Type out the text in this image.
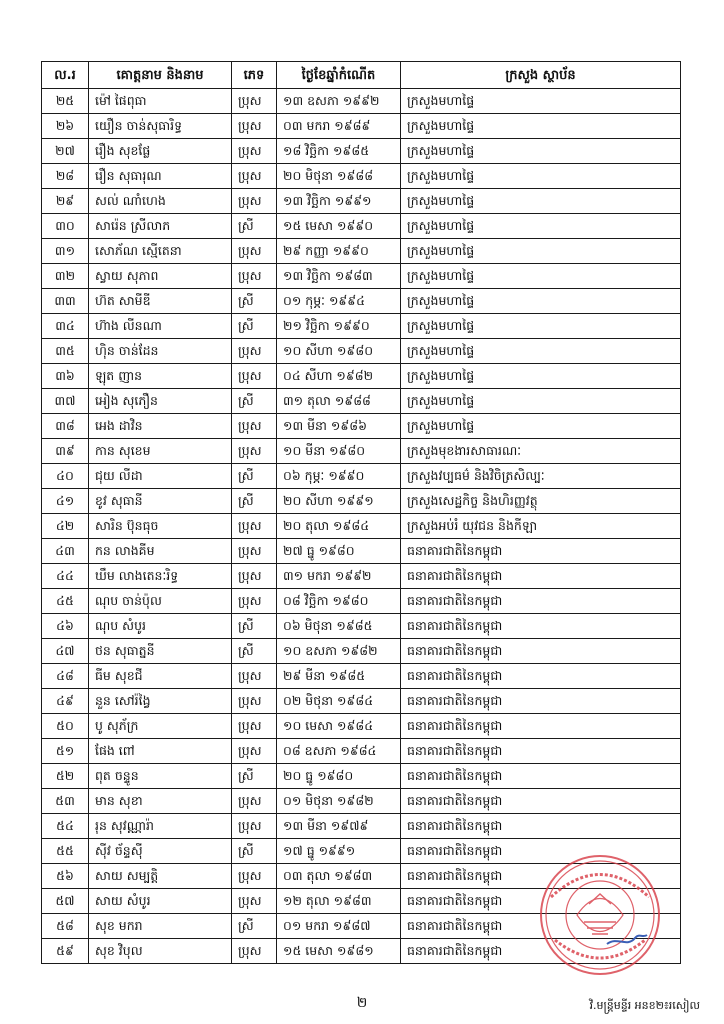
ល.រ	គោត្តនាម និងនាម	ភេទ	ថ្ងៃខែឆ្នាំកំណើត	ក្រសួង ស្ថាប័ន
២៥	ម៉ៅ ផៃពុធា	ប្រុស	១៣ ឧសភា ១៩៩២	ក្រសួងមហាផ្ទៃ
២៦	យឿន ចាន់សុធារិទ្ធ	ប្រុស	០៣ មករា ១៩៨៩	ក្រសួងមហាផ្ទៃ
២៧	រឿង សុខផ្លែ	ប្រុស	១៨ វិច្ឆិកា ១៩៨៥	ក្រសួងមហាផ្ទៃ
២៨	រឿន សុធារុណ	ប្រុស	២០ មិថុនា ១៩៨៨	ក្រសួងមហាផ្ទៃ
២៩	សល់ ណាំហេង	ប្រុស	១៣ វិច្ឆិកា ១៩៩១	ក្រសួងមហាផ្ទៃ
៣០	សារ៉េន ស្រីលាភ	ស្រី	១៥ មេសា ១៩៩០	ក្រសួងមហាផ្ទៃ
៣១	សោភ័ណ ស្មើតេនា	ប្រុស	២៩ កញ្ញា ១៩៩០	ក្រសួងមហាផ្ទៃ
៣២	ស្វាយ សុភាព	ប្រុស	១៣ វិច្ឆិកា ១៩៨៣	ក្រសួងមហាផ្ទៃ
៣៣	ហ៊ត សាមីឌី	ស្រី	០១ កុម្ភៈ ១៩៩៤	ក្រសួងមហាផ្ទៃ
៣៤	ហ៊ាង លីនណា	ស្រី	២១ វិច្ឆិកា ១៩៩០	ក្រសួងមហាផ្ទៃ
៣៥	ហ៊ិន ចាន់ដែន	ប្រុស	១០ សីហា ១៩៨០	ក្រសួងមហាផ្ទៃ
៣៦	ឡុត ញាន	ប្រុស	០៤ សីហា ១៩៨២	ក្រសួងមហាផ្ទៃ
៣៧	អៀង សុភឿន	ស្រី	៣១ តុលា ១៩៨៨	ក្រសួងមហាផ្ទៃ
៣៨	អេង ដាវិន	ប្រុស	១៣ មីនា ១៩៨៦	ក្រសួងមហាផ្ទៃ
៣៩	កាន សុខេម	ប្រុស	១០ មីនា ១៩៨០	ក្រសួងមុខងារសាធារណៈ
៤០	ជុយ លីដា	ស្រី	០៦ កុម្ភៈ ១៩៩០	ក្រសួងវប្បធម៌ និងវិចិត្រសិល្បៈ
៤១	ខូវ សុធានី	ស្រី	២០ សីហា ១៩៩១	ក្រសួងសេដ្ឋកិច្ច និងហិរញ្ញវត្ថុ
៤២	សារិន ប៊ុនធុច	ប្រុស	២០ តុលា ១៩៨៤	ក្រសួងអប់រំ យុវជន និងកីឡា
៤៣	កន លាងគីម	ប្រុស	២៧ ធ្នូ ១៩៨០	ធនាគារជាតិនៃកម្ពុជា
៤៤	ឃឹម លាងតេនៈរិទ្ធ	ប្រុស	៣១ មករា ១៩៩២	ធនាគារជាតិនៃកម្ពុជា
៤៥	ណុប ចាន់ប៉ុល	ប្រុស	០៨ វិច្ឆិកា ១៩៨០	ធនាគារជាតិនៃកម្ពុជា
៤៦	ណុប សំបូរ	ស្រី	០៦ មិថុនា ១៩៨៥	ធនាគារជាតិនៃកម្ពុជា
៤៧	ថន សុធាត្ននី	ស្រី	១០ ឧសភា ១៩៨២	ធនាគារជាតិនៃកម្ពុជា
៤៨	ធីម សុខជី	ប្រុស	២៩ មីនា ១៩៨៥	ធនាគារជាតិនៃកម្ពុជា
៤៩	នួន សៅរ៉ង្វៃ	ប្រុស	០២ មិថុនា ១៩៨៤	ធនាគារជាតិនៃកម្ពុជា
៥០	បូ សុភ័ក្រ	ប្រុស	១០ មេសា ១៩៨៤	ធនាគារជាតិនៃកម្ពុជា
៥១	ផែង ពៅ	ប្រុស	០៨ ឧសភា ១៩៨៤	ធនាគារជាតិនៃកម្ពុជា
៥២	ពុត ចន្ទូន	ស្រី	២០ ធ្នូ ១៩៨០	ធនាគារជាតិនៃកម្ពុជា
៥៣	មាន សុខា	ប្រុស	០១ មិថុនា ១៩៨២	ធនាគារជាតិនៃកម្ពុជា
៥៤	រុន សុវណ្ណារ៉ា	ប្រុស	១៣ មីនា ១៩៧៩	ធនាគារជាតិនៃកម្ពុជា
៥៥	ស៊ីវ ច័ន្ទស៊ី	ស្រី	១៧ ធ្នូ ១៩៩១	ធនាគារជាតិនៃកម្ពុជា
៥៦	សាយ សម្បត្តិ	ប្រុស	០៣ តុលា ១៩៨៣	ធនាគារជាតិនៃកម្ពុជា
៥៧	សាយ សំបូរ	ប្រុស	១២ តុលា ១៩៨៣	ធនាគារជាតិនៃកម្ពុជា
៥៨	សុខ មករា	ស្រី	០១ មករា ១៩៨៧	ធនាគារជាតិនៃកម្ពុជា
៥៩	សុខ វិបុល	ប្រុស	១៥ មេសា ១៩៨១	ធនាគារជាតិនៃកម្ពុជា
២	វិ.មន្ត្រីមន្ទីរ អនខ២៖រសៀល
